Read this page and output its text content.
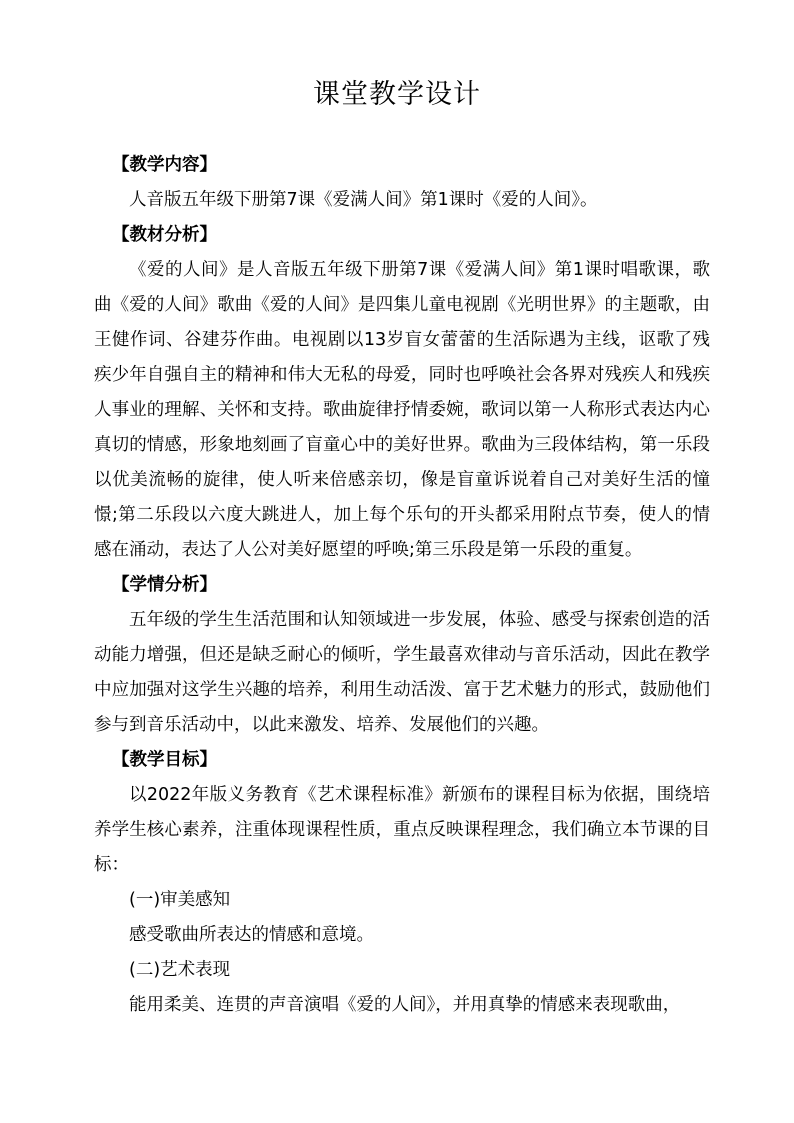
课堂教学设计

【教学内容】

人音版五年级下册第7课《爱满人间》第1课时《爱的人间》。

【教材分析】

《爱的人间》是人音版五年级下册第7课《爱满人间》第1课时唱歌课，歌曲《爱的人间》歌曲《爱的人间》是四集儿童电视剧《光明世界》的主题歌，由王健作词、谷建芬作曲。电视剧以13岁盲女蕾蕾的生活际遇为主线，讴歌了残疾少年自强自主的精神和伟大无私的母爱，同时也呼唤社会各界对残疾人和残疾人事业的理解、关怀和支持。歌曲旋律抒情委婉，歌词以第一人称形式表达内心真切的情感，形象地刻画了盲童心中的美好世界。歌曲为三段体结构，第一乐段以优美流畅的旋律，使人听来倍感亲切，像是盲童诉说着自己对美好生活的憧憬;第二乐段以六度大跳进人，加上每个乐句的开头都采用附点节奏，使人的情感在涌动，表达了人公对美好愿望的呼唤;第三乐段是第一乐段的重复。

【学情分析】

五年级的学生生活范围和认知领域进一步发展，体验、感受与探索创造的活动能力增强，但还是缺乏耐心的倾听，学生最喜欢律动与音乐活动，因此在教学中应加强对这学生兴趣的培养，利用生动活泼、富于艺术魅力的形式，鼓励他们参与到音乐活动中，以此来激发、培养、发展他们的兴趣。

【教学目标】

以2022年版义务教育《艺术课程标准》新颁布的课程目标为依据，围绕培养学生核心素养，注重体现课程性质，重点反映课程理念，我们确立本节课的目标：

(一)审美感知

感受歌曲所表达的情感和意境。

(二)艺术表现

能用柔美、连贯的声音演唱《爱的人间》，并用真挚的情感来表现歌曲，
